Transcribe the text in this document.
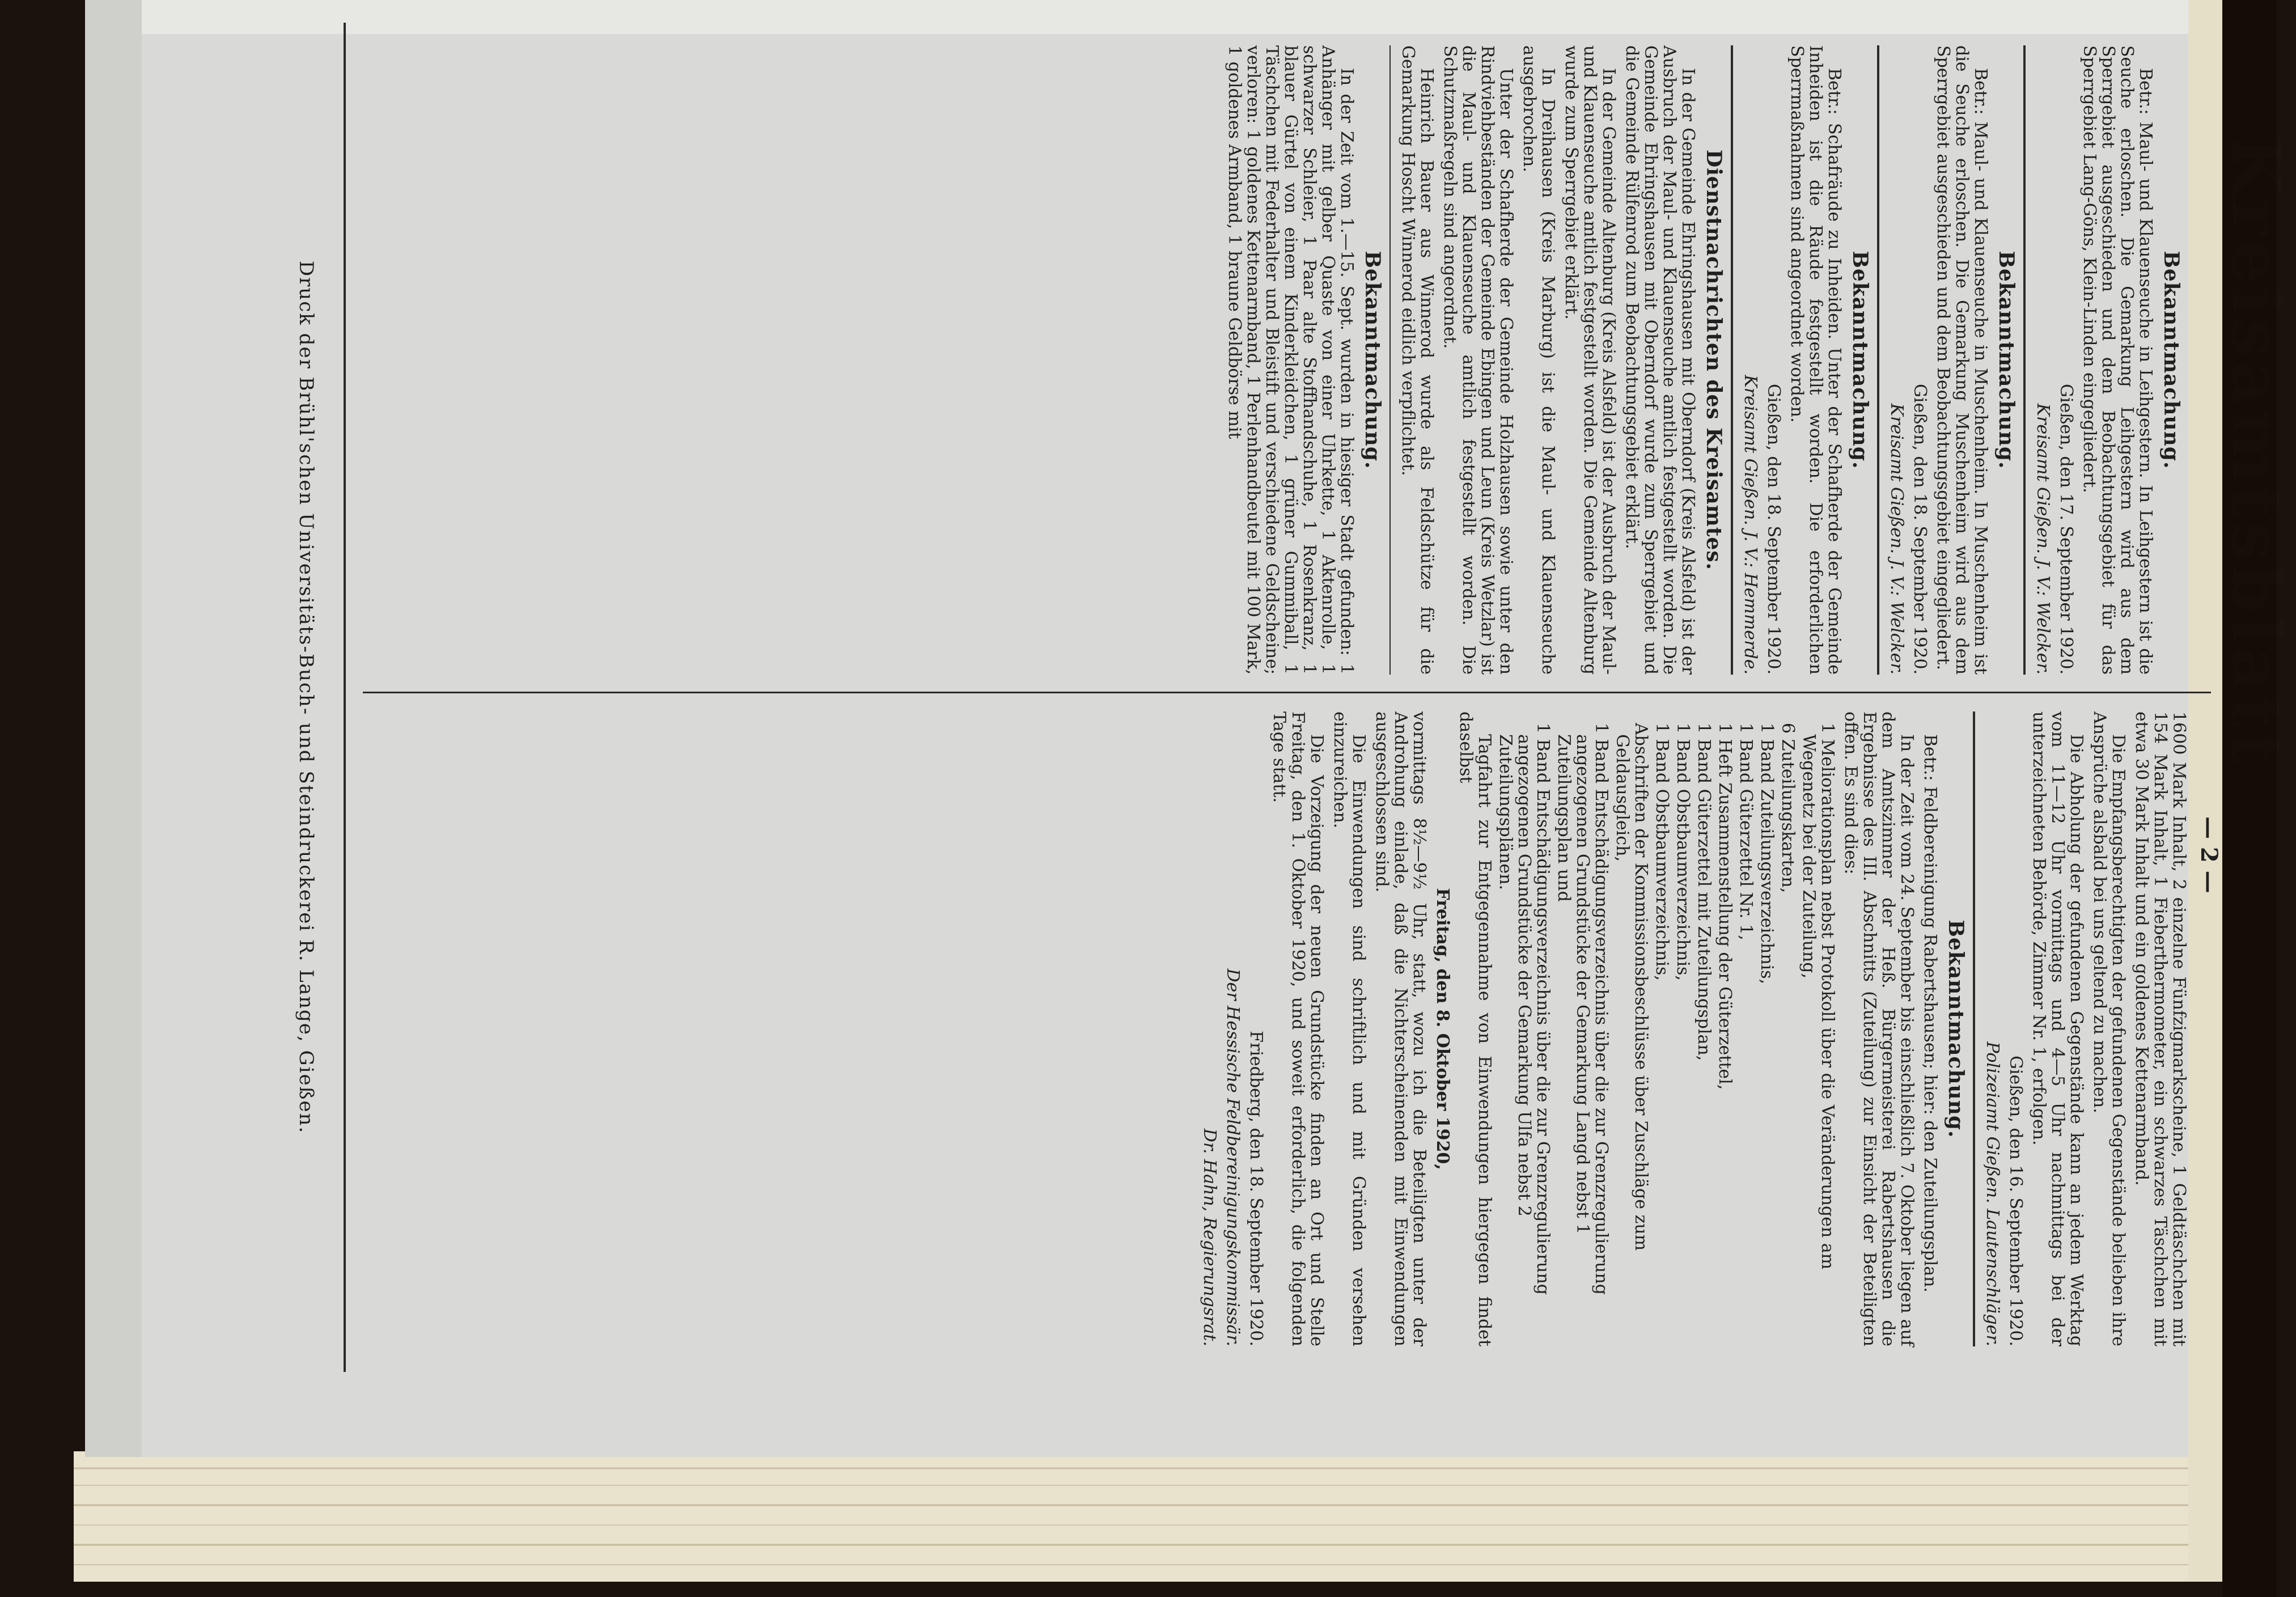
Kreisamtsblatt
— 2 —
Bekanntmachung.

Betr.: Maul- und Klauenseuche in Leihgestern. In Leihgestern ist die Seuche erloschen. Die Gemarkung Leihgestern wird aus dem Sperrgebiet ausgeschieden und dem Beobachtungsgebiet für das Sperrgebiet Lang-Göns, Klein-Linden eingegliedert.

Gießen, den 17. September 1920.

Kreisamt Gießen. J. V.: Welcker.

Bekanntmachung.

Betr.: Maul- und Klauenseuche in Muschenheim. In Muschenheim ist die Seuche erloschen. Die Gemarkung Muschenheim wird aus dem Sperrgebiet ausgeschieden und dem Beobachtungsgebiet eingegliedert.

Gießen, den 18. September 1920.

Kreisamt Gießen. J. V.: Welcker.

Bekanntmachung.

Betr.: Schafräude zu Inheiden. Unter der Schafherde der Gemeinde Inheiden ist die Räude festgestellt worden. Die erforderlichen Sperrmaßnahmen sind angeordnet worden.

Gießen, den 18. September 1920.

Kreisamt Gießen. J. V.: Hemmerde.

Dienstnachrichten des Kreisamtes.

In der Gemeinde Ehringshausen mit Oberndorf (Kreis Alsfeld) ist der Ausbruch der Maul- und Klauenseuche amtlich festgestellt worden. Die Gemeinde Ehringshausen mit Oberndorf wurde zum Sperrgebiet und die Gemeinde Rülfenrod zum Beobachtungsgebiet erklärt.

In der Gemeinde Altenburg (Kreis Alsfeld) ist der Ausbruch der Maul- und Klauenseuche amtlich festgestellt worden. Die Gemeinde Altenburg wurde zum Sperrgebiet erklärt.

In Dreihausen (Kreis Marburg) ist die Maul- und Klauenseuche ausgebrochen.

Unter der Schafherde der Gemeinde Holzhausen sowie unter den Rindviehbeständen der Gemeinde Ebingen und Leun (Kreis Wetzlar) ist die Maul- und Klauenseuche amtlich festgestellt worden. Die Schutzmaßregeln sind angeordnet.

Heinrich Bauer aus Winnerod wurde als Feldschütze für die Gemarkung Hoscht Winnerod eidlich verpflichtet.

Bekanntmachung.

In der Zeit vom 1.—15. Sept. wurden in hiesiger Stadt gefunden: 1 Anhänger mit gelber Quaste von einer Uhrkette, 1 Aktenrolle, 1 schwarzer Schleier, 1 Paar alte Stoffhandschuhe, 1 Rosenkranz, 1 blauer Gürtel von einem Kinderkleidchen, 1 grüner Gummiball, 1 Täschchen mit Federhalter und Bleistift und verschiedene Geldscheine; verloren: 1 goldenes Kettenarmband, 1 Perlenhandbeutel mit 100 Mark, 1 goldenes Armband, 1 braune Geldbörse mit

1600 Mark Inhalt, 2 einzelne Fünfzigmarkscheine, 1 Geldtäschchen mit 154 Mark Inhalt, 1 Fieberthermometer, ein schwarzes Täschchen mit etwa 30 Mark Inhalt und ein goldenes Kettenarmband.

Die Empfangsberechtigten der gefundenen Gegenstände belieben ihre Ansprüche alsbald bei uns geltend zu machen.

Die Abholung der gefundenen Gegenstände kann an jedem Werktag vom 11—12 Uhr vormittags und 4—5 Uhr nachmittags bei der unterzeichneten Behörde, Zimmer Nr. 1, erfolgen.

Gießen, den 16. September 1920.

Polizeiamt Gießen. Lautenschläger.

Bekanntmachung.

Betr.: Feldbereinigung Rabertshausen; hier: den Zuteilungsplan.

In der Zeit vom 24. September bis einschließlich 7. Oktober liegen auf dem Amtszimmer der Heß. Bürgermeisterei Rabertshausen die Ergebnisse des III. Abschnitts (Zuteilung) zur Einsicht der Beteiligten offen. Es sind dies:

1 Meliorationsplan nebst Protokoll über die Veränderungen am Wegenetz bei der Zuteilung,
6 Zuteilungskarten,
1 Band Zuteilungsverzeichnis,
1 Band Güterzettel Nr. 1,
1 Heft Zusammenstellung der Güterzettel,
1 Band Güterzettel mit Zuteilungsplan,
1 Band Obstbaumverzeichnis,
1 Band Obstbaumverzeichnis,
Abschriften der Kommissionsbeschlüsse über Zuschläge zum Geldausgleich,
1 Band Entschädigungsverzeichnis über die zur Grenzregulierung angezogenen Grundstücke der Gemarkung Langd nebst 1 Zuteilungsplan und
1 Band Entschädigungsverzeichnis über die zur Grenzregulierung angezogenen Grundstücke der Gemarkung Ulfa nebst 2 Zuteilungsplänen.

Tagfahrt zur Entgegennahme von Einwendungen hiergegen findet daselbst

Freitag, den 8. Oktober 1920,

vormittags 8½—9½ Uhr, statt, wozu ich die Beteiligten unter der Androhung einlade, daß die Nichterscheinenden mit Einwendungen ausgeschlossen sind.

Die Einwendungen sind schriftlich und mit Gründen versehen einzureichen.

Die Vorzeigung der neuen Grundstücke finden an Ort und Stelle Freitag, den 1. Oktober 1920, und soweit erforderlich, die folgenden Tage statt.

Friedberg, den 18. September 1920.

Der Hessische Feldbereinigungskommissär.

Dr. Hahn, Regierungsrat.

Druck der Brühl'schen Universitäts-Buch- und Steindruckerei R. Lange, Gießen.
